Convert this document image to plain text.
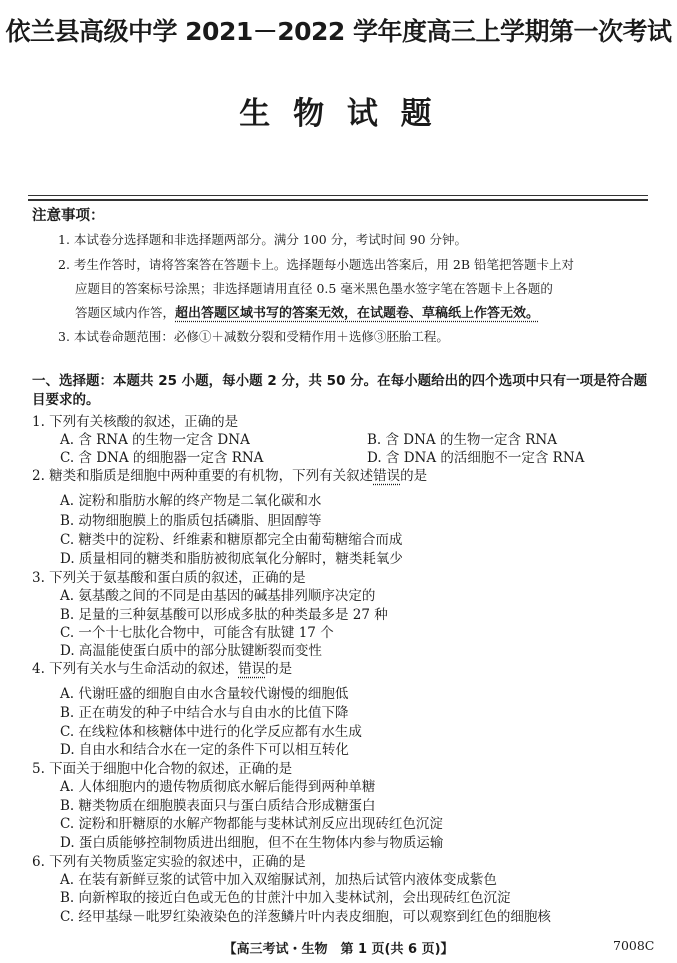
依兰县高级中学 2021－2022 学年度高三上学期第一次考试
生 物 试 题
注意事项：
1. 本试卷分选择题和非选择题两部分。满分 100 分，考试时间 90 分钟。
2. 考生作答时，请将答案答在答题卡上。选择题每小题选出答案后，用 2B 铅笔把答题卡上对
应题目的答案标号涂黑；非选择题请用直径 0.5 毫米黑色墨水签字笔在答题卡上各题的
答题区域内作答，超出答题区域书写的答案无效，在试题卷、草稿纸上作答无效。
3. 本试卷命题范围：必修①＋减数分裂和受精作用＋选修③胚胎工程。
一、选择题：本题共 25 小题，每小题 2 分，共 50 分。在每小题给出的四个选项中只有一项是符合题目要求的。
1. 下列有关核酸的叙述，正确的是
A. 含 RNA 的生物一定含 DNA	B. 含 DNA 的生物一定含 RNA
C. 含 DNA 的细胞器一定含 RNA	D. 含 DNA 的活细胞不一定含 RNA
2. 糖类和脂质是细胞中两种重要的有机物，下列有关叙述错误的是
A. 淀粉和脂肪水解的终产物是二氧化碳和水
B. 动物细胞膜上的脂质包括磷脂、胆固醇等
C. 糖类中的淀粉、纤维素和糖原都完全由葡萄糖缩合而成
D. 质量相同的糖类和脂肪被彻底氧化分解时，糖类耗氧少
3. 下列关于氨基酸和蛋白质的叙述，正确的是
A. 氨基酸之间的不同是由基因的碱基排列顺序决定的
B. 足量的三种氨基酸可以形成多肽的种类最多是 27 种
C. 一个十七肽化合物中，可能含有肽键 17 个
D. 高温能使蛋白质中的部分肽键断裂而变性
4. 下列有关水与生命活动的叙述，错误的是
A. 代谢旺盛的细胞自由水含量较代谢慢的细胞低
B. 正在萌发的种子中结合水与自由水的比值下降
C. 在线粒体和核糖体中进行的化学反应都有水生成
D. 自由水和结合水在一定的条件下可以相互转化
5. 下面关于细胞中化合物的叙述，正确的是
A. 人体细胞内的遗传物质彻底水解后能得到两种单糖
B. 糖类物质在细胞膜表面只与蛋白质结合形成糖蛋白
C. 淀粉和肝糖原的水解产物都能与斐林试剂反应出现砖红色沉淀
D. 蛋白质能够控制物质进出细胞，但不在生物体内参与物质运输
6. 下列有关物质鉴定实验的叙述中，正确的是
A. 在装有新鲜豆浆的试管中加入双缩脲试剂，加热后试管内液体变成紫色
B. 向新榨取的接近白色或无色的甘蔗汁中加入斐林试剂，会出现砖红色沉淀
C. 经甲基绿－吡罗红染液染色的洋葱鳞片叶内表皮细胞，可以观察到红色的细胞核
【高三考试・生物　第 1 页(共 6 页)】	7008C
